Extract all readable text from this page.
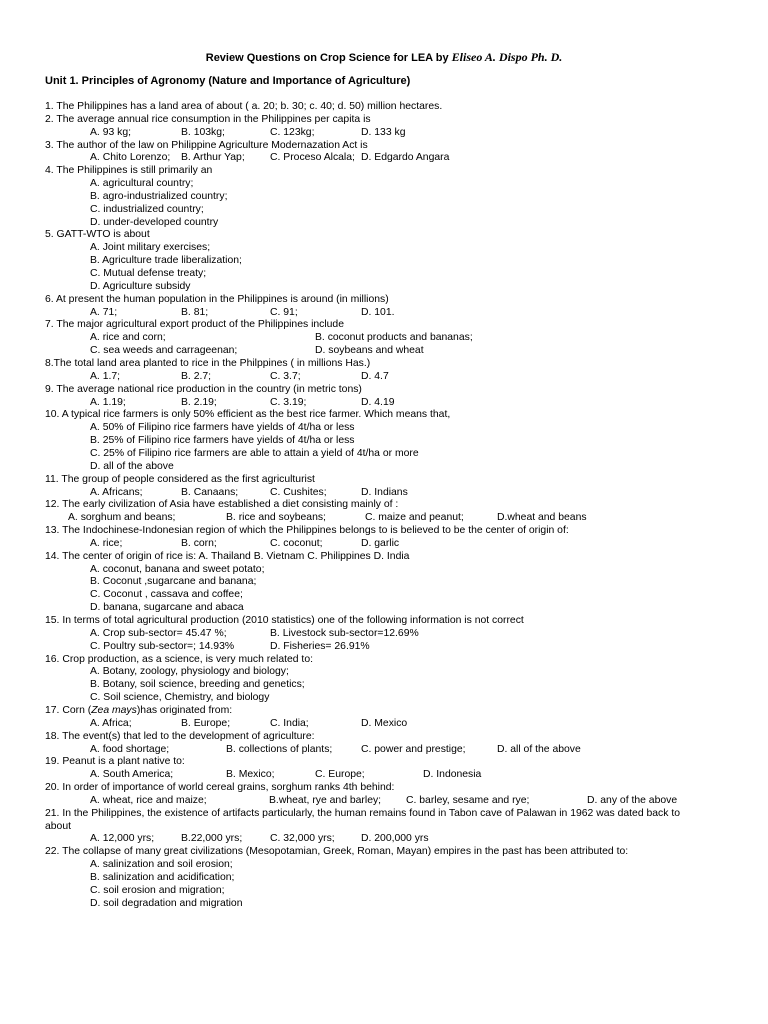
Review Questions on Crop Science for LEA by Eliseo A. Dispo Ph. D.
Unit 1. Principles of Agronomy (Nature and Importance of Agriculture)
1. The Philippines has a land area of about ( a. 20; b. 30; c. 40; d. 50) million hectares.
2. The average annual rice consumption in the Philippines per capita is
A. 93 kg;	B. 103kg;	C. 123kg;	D. 133 kg
3. The author of the law on Philippine Agriculture Modernazation Act is
A. Chito Lorenzo; B. Arthur Yap; C. Proceso Alcala; D. Edgardo Angara
4. The Philippines is still primarily an
A. agricultural country;
B. agro-industrialized country;
C. industrialized country;
D. under-developed country
5. GATT-WTO is about
A. Joint military exercises;
B. Agriculture trade liberalization;
C. Mutual defense treaty;
D. Agriculture subsidy
6. At present the human population in the Philippines is around (in millions)
A. 71;	B. 81;	C. 91;	D. 101.
7. The major agricultural export product of the Philippines include
A. rice and corn;	B. coconut products and bananas;
C. sea weeds and carrageenan;	D. soybeans and wheat
8.The total land area planted to rice in the Philppines ( in millions Has.)
A. 1.7;	B. 2.7;	C. 3.7;	D. 4.7
9. The average national rice production in the country (in metric tons)
A. 1.19;	B. 2.19;	C. 3.19;	D. 4.19
10. A typical rice farmers is only 50% efficient as the best rice farmer. Which means that,
A. 50% of Filipino rice farmers have yields of 4t/ha or less
B. 25% of Filipino rice farmers have yields of 4t/ha or less
C. 25% of Filipino rice farmers are able to attain a yield of 4t/ha or more
D. all of the above
11. The group of people considered as the first agriculturist
A. Africans;	B. Canaans;	C. Cushites;	D. Indians
12. The early civilization of Asia have established a diet consisting mainly of :
A. sorghum and beans;	B. rice and soybeans;	C. maize and peanut;	D.wheat and beans
13. The Indochinese-Indonesian region of which the Philippines belongs to is believed to be the center of origin of:
A. rice;	B. corn;	C. coconut;	D. garlic
14. The center of origin of rice is: A. Thailand B. Vietnam C. Philippines D. India
A. coconut, banana and sweet potato;
B. Coconut ,sugarcane and banana;
C. Coconut , cassava and coffee;
D. banana, sugarcane and abaca
15. In terms of total agricultural production (2010 statistics) one of the following information is not correct
A. Crop sub-sector= 45.47 %;	B. Livestock sub-sector=12.69%
C. Poultry sub-sector=; 14.93%	D. Fisheries= 26.91%
16. Crop production, as a science, is very much related to:
A. Botany, zoology, physiology and biology;
B. Botany, soil science, breeding and genetics;
C. Soil science, Chemistry, and biology
17. Corn (Zea mays)has originated from:
A. Africa;	B. Europe;	C. India;	D. Mexico
18. The event(s) that led to the development of agriculture:
A. food shortage;	B. collections of plants;	C. power and prestige;	D. all of the above
19. Peanut is a plant native to:
A. South America;	B. Mexico;	C. Europe;	D. Indonesia
20. In order of importance of world cereal grains, sorghum ranks 4th behind:
A. wheat, rice and maize;	B.wheat, rye and barley; C. barley, sesame and rye;	D. any of the above
21. In the Philippines, the existence of artifacts particularly, the human remains found in Tabon cave of Palawan in 1962 was dated back to about
A. 12,000 yrs;	B.22,000 yrs;	C. 32,000 yrs;	D. 200,000 yrs
22. The collapse of many great civilizations (Mesopotamian, Greek, Roman, Mayan) empires in the past has been attributed to:
A. salinization and soil erosion;
B. salinization and acidification;
C. soil erosion and migration;
D. soil degradation and migration
